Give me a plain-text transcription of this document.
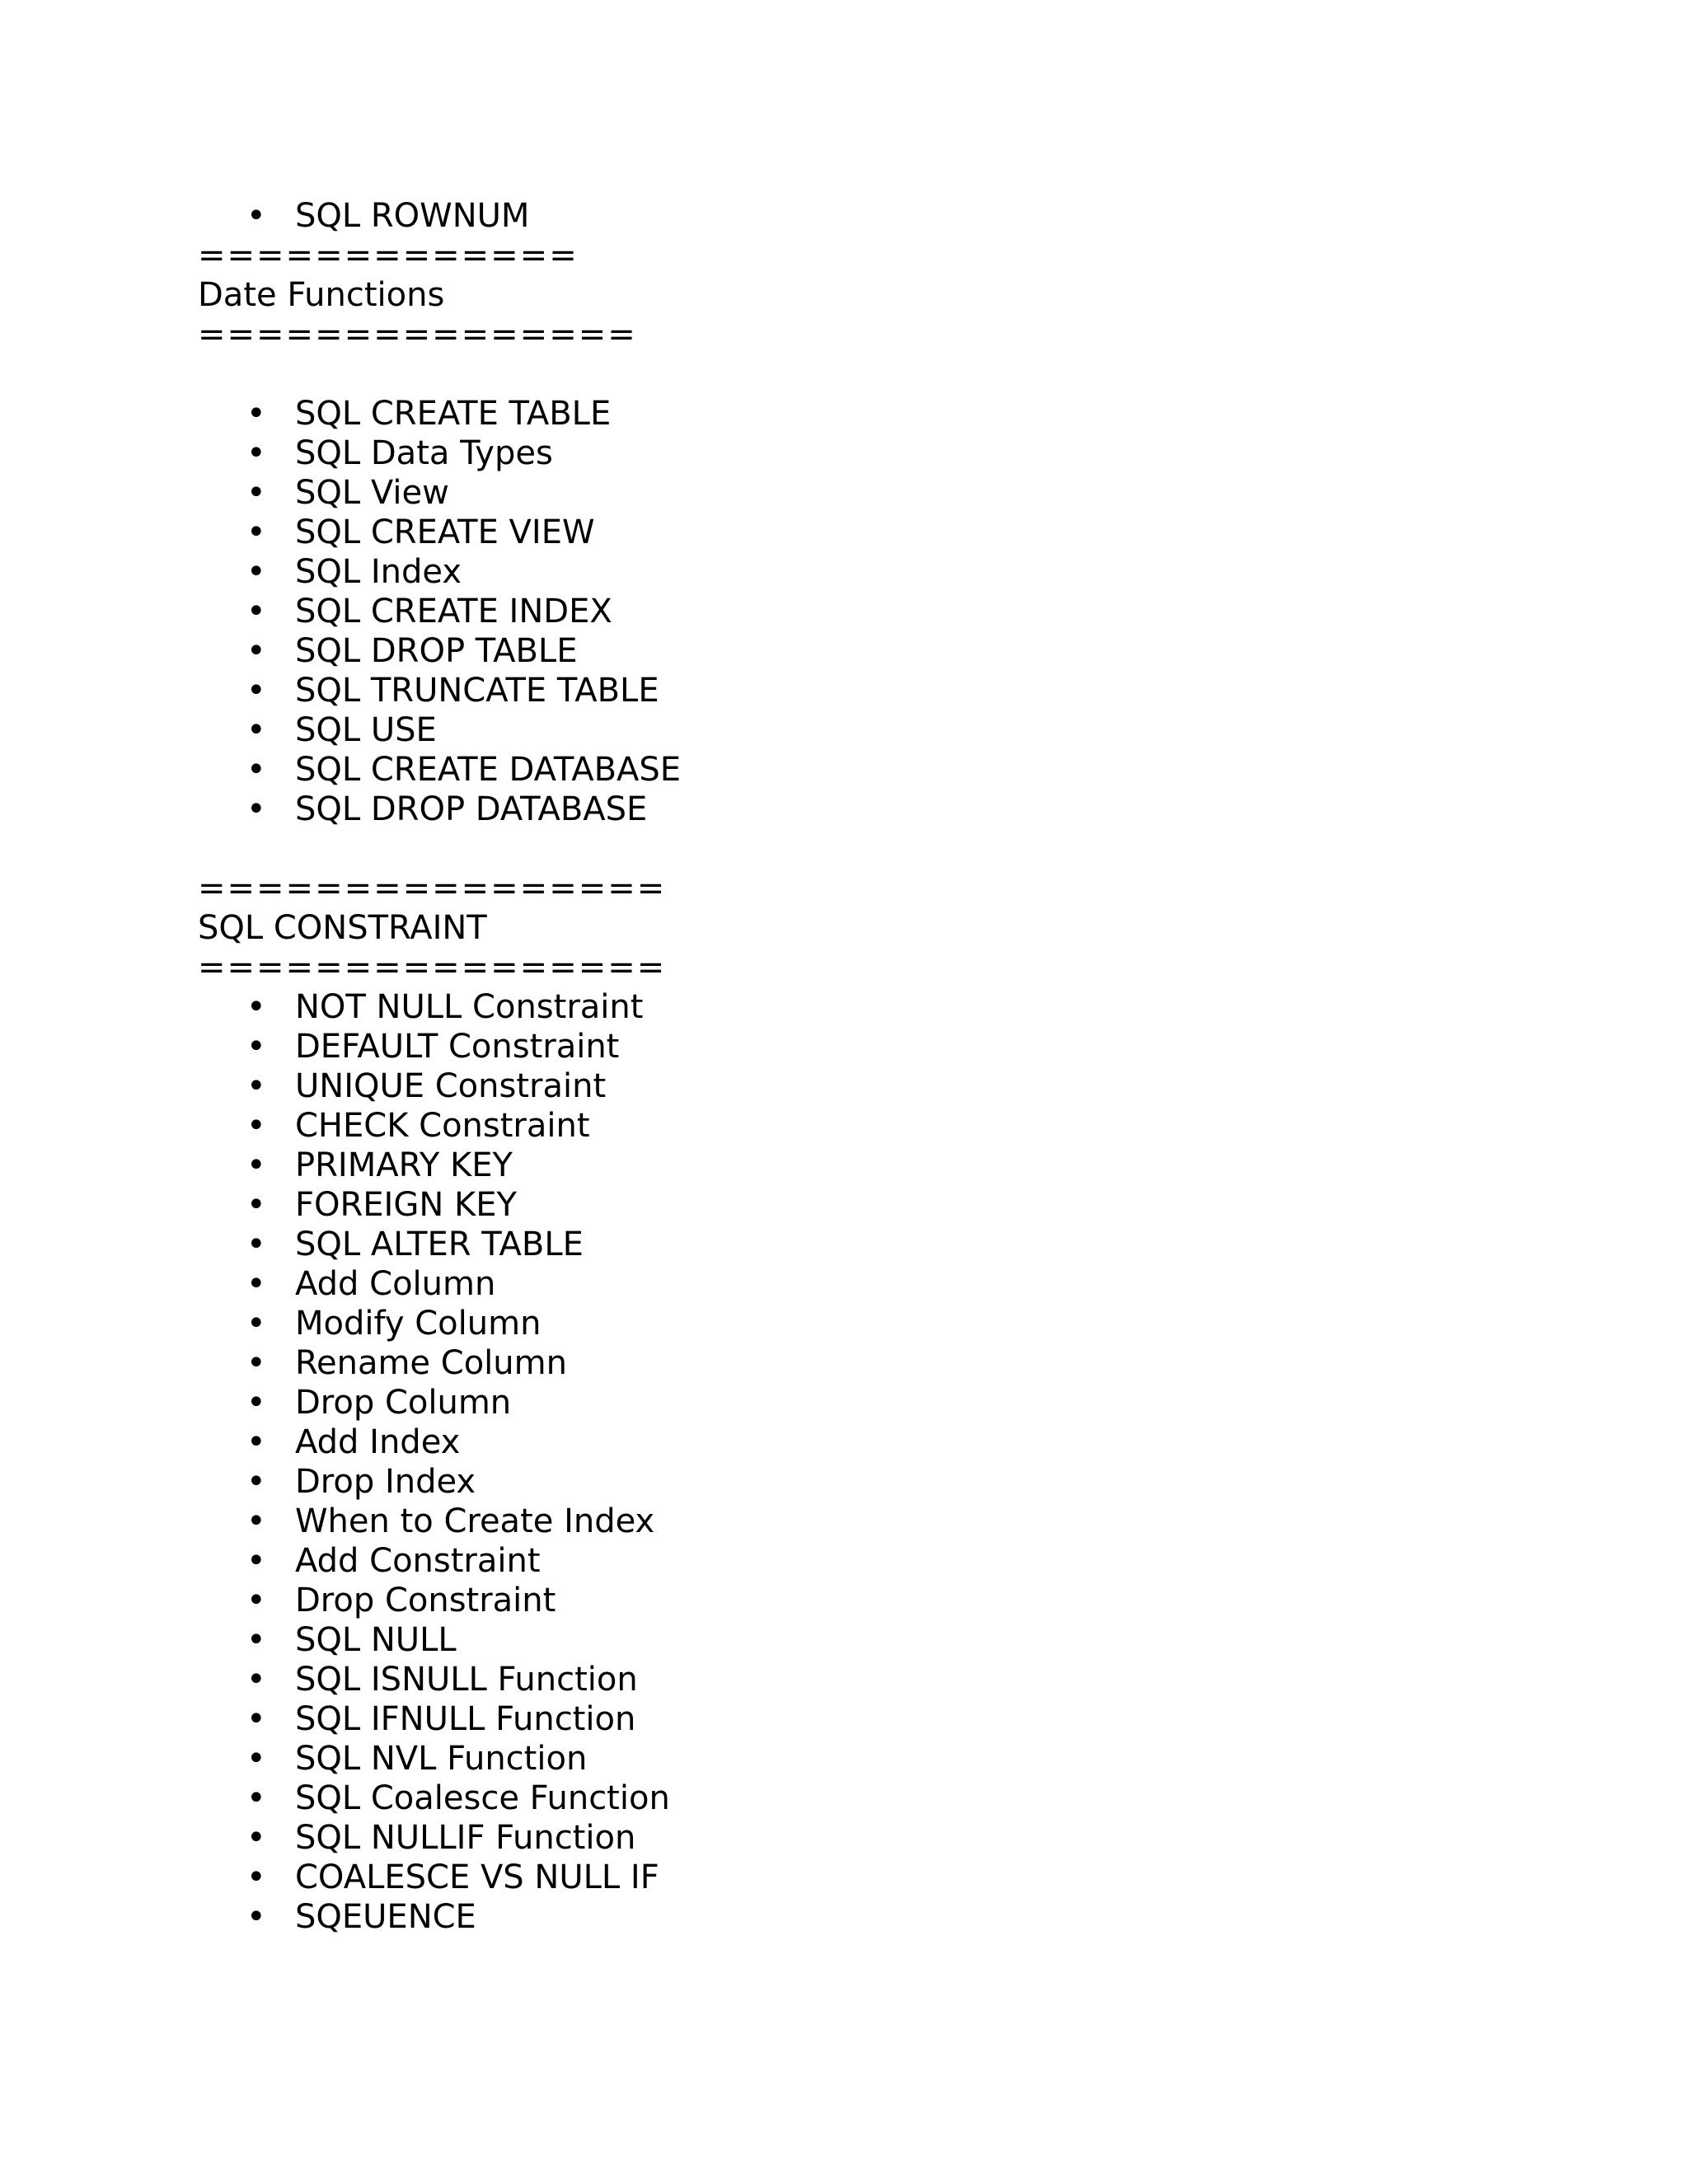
• SQL ROWNUM
=============
Date Functions
===============
• SQL CREATE TABLE
• SQL Data Types
• SQL View
• SQL CREATE VIEW
• SQL Index
• SQL CREATE INDEX
• SQL DROP TABLE
• SQL TRUNCATE TABLE
• SQL USE
• SQL CREATE DATABASE
• SQL DROP DATABASE
================
SQL CONSTRAINT
================
• NOT NULL Constraint
• DEFAULT Constraint
• UNIQUE Constraint
• CHECK Constraint
• PRIMARY KEY
• FOREIGN KEY
• SQL ALTER TABLE
• Add Column
• Modify Column
• Rename Column
• Drop Column
• Add Index
• Drop Index
• When to Create Index
• Add Constraint
• Drop Constraint
• SQL NULL
• SQL ISNULL Function
• SQL IFNULL Function
• SQL NVL Function
• SQL Coalesce Function
• SQL NULLIF Function
• COALESCE VS NULL IF
• SQEUENCE
